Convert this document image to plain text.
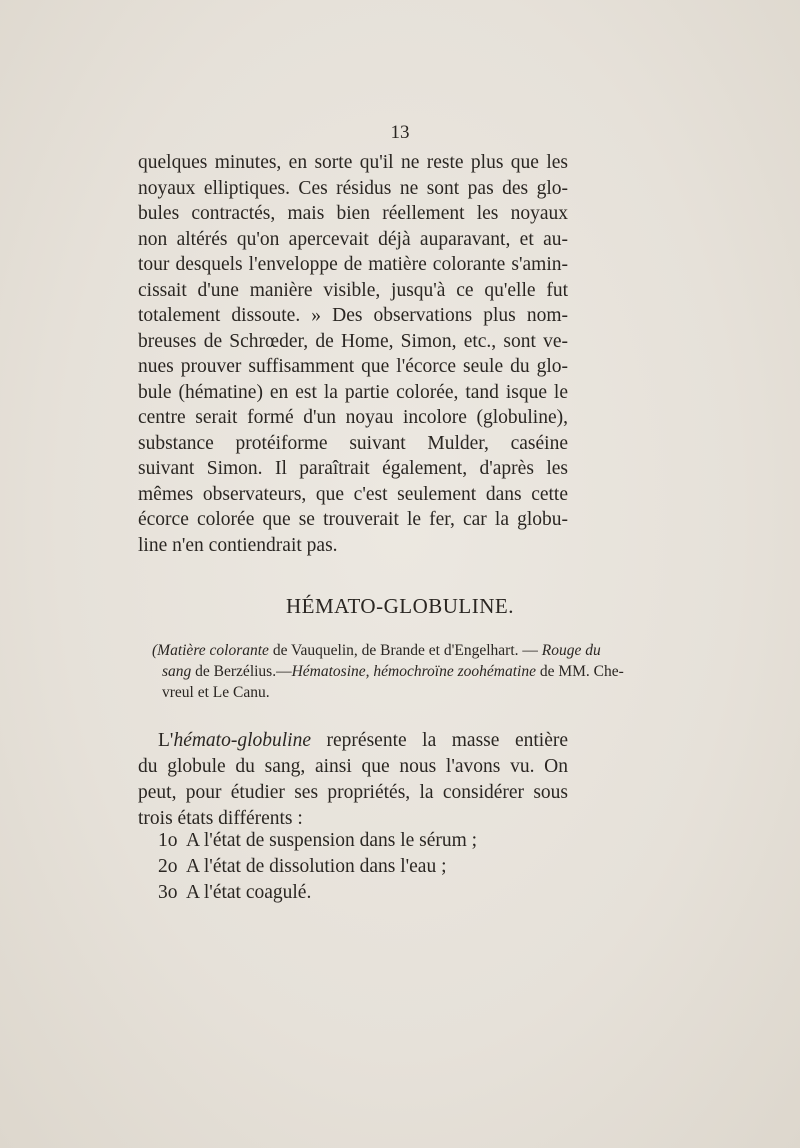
13
quelques minutes, en sorte qu'il ne reste plus que les
noyaux elliptiques. Ces résidus ne sont pas des glo-
bules contractés, mais bien réellement les noyaux
non altérés qu'on apercevait déjà auparavant, et au-
tour desquels l'enveloppe de matière colorante s'amin-
cissait d'une manière visible, jusqu'à ce qu'elle fut
totalement dissoute. » Des observations plus nom-
breuses de Schrœder, de Home, Simon, etc., sont ve-
nues prouver suffisamment que l'écorce seule du glo-
bule (hématine) en est la partie colorée, tand isque le
centre serait formé d'un noyau incolore (globuline),
substance protéiforme suivant Mulder, caséine
suivant Simon. Il paraîtrait également, d'après les
mêmes observateurs, que c'est seulement dans cette
écorce colorée que se trouverait le fer, car la globu-
line n'en contiendrait pas.
HÉMATO-GLOBULINE.
(Matière colorante de Vauquelin, de Brande et d'Engelhart. — Rouge du
sang de Berzélius.—Hématosine, hémochroïne zoohématine de MM. Che-
vreul et Le Canu.
L'hémato-globuline représente la masse entière
du globule du sang, ainsi que nous l'avons vu. On
peut, pour étudier ses propriétés, la considérer sous
trois états différents :
1o A l'état de suspension dans le sérum ;
2o A l'état de dissolution dans l'eau ;
3o A l'état coagulé.
